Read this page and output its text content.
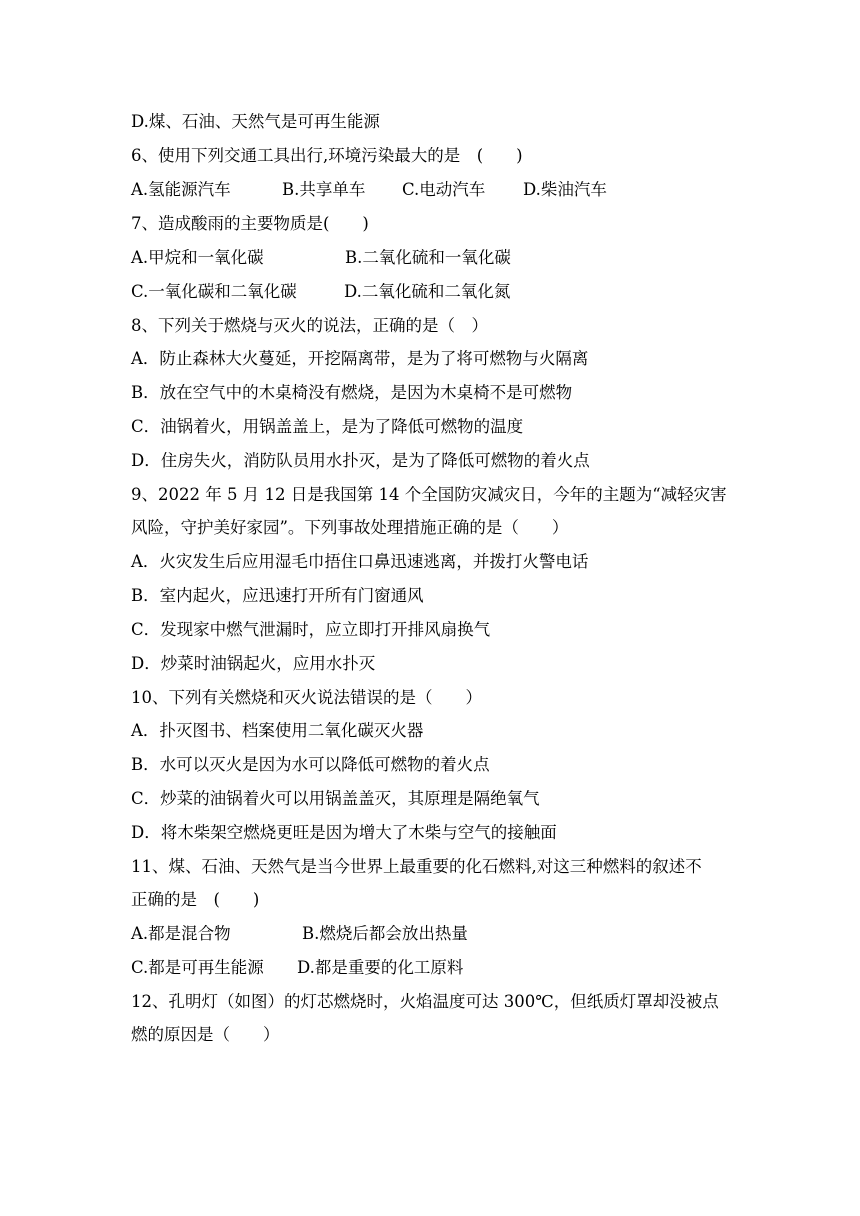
D.煤、石油、天然气是可再生能源
6、使用下列交通工具出行,环境污染最大的是　(　　)

A.氢能源汽车

	B.共享单车

C.电动汽车

D.柴油汽车

7、造成酸雨的主要物质是(　　)

A.甲烷和一氧化碳

	B.二氧化硫和一氧化碳

C.一氧化碳和二氧化碳

	D.二氧化硫和二氧化氮

8、下列关于燃烧与灭火的说法，正确的是（　）
A．防止森林大火蔓延，开挖隔离带，是为了将可燃物与火隔离
B．放在空气中的木桌椅没有燃烧，是因为木桌椅不是可燃物
C．油锅着火，用锅盖盖上，是为了降低可燃物的温度
D．住房失火，消防队员用水扑灭，是为了降低可燃物的着火点
9、2022 年 5 月 12 日是我国第 14 个全国防灾减灾日，今年的主题为“减轻灾害
风险，守护美好家园”。下列事故处理措施正确的是（　　）
A．火灾发生后应用湿毛巾捂住口鼻迅速逃离，并拨打火警电话
B．室内起火，应迅速打开所有门窗通风
C．发现家中燃气泄漏时，应立即打开排风扇换气
D．炒菜时油锅起火，应用水扑灭
10、下列有关燃烧和灭火说法错误的是（　　）
A．扑灭图书、档案使用二氧化碳灭火器
B．水可以灭火是因为水可以降低可燃物的着火点
C．炒菜的油锅着火可以用锅盖盖灭，其原理是隔绝氧气
D．将木柴架空燃烧更旺是因为增大了木柴与空气的接触面
11、煤、石油、天然气是当今世界上最重要的化石燃料,对这三种燃料的叙述不
正确的是　(　　)

A.都是混合物

	B.燃烧后都会放出热量

C.都是可再生能源

D.都是重要的化工原料

12、孔明灯（如图）的灯芯燃烧时，火焰温度可达 300℃，但纸质灯罩却没被点
燃的原因是（　　）
